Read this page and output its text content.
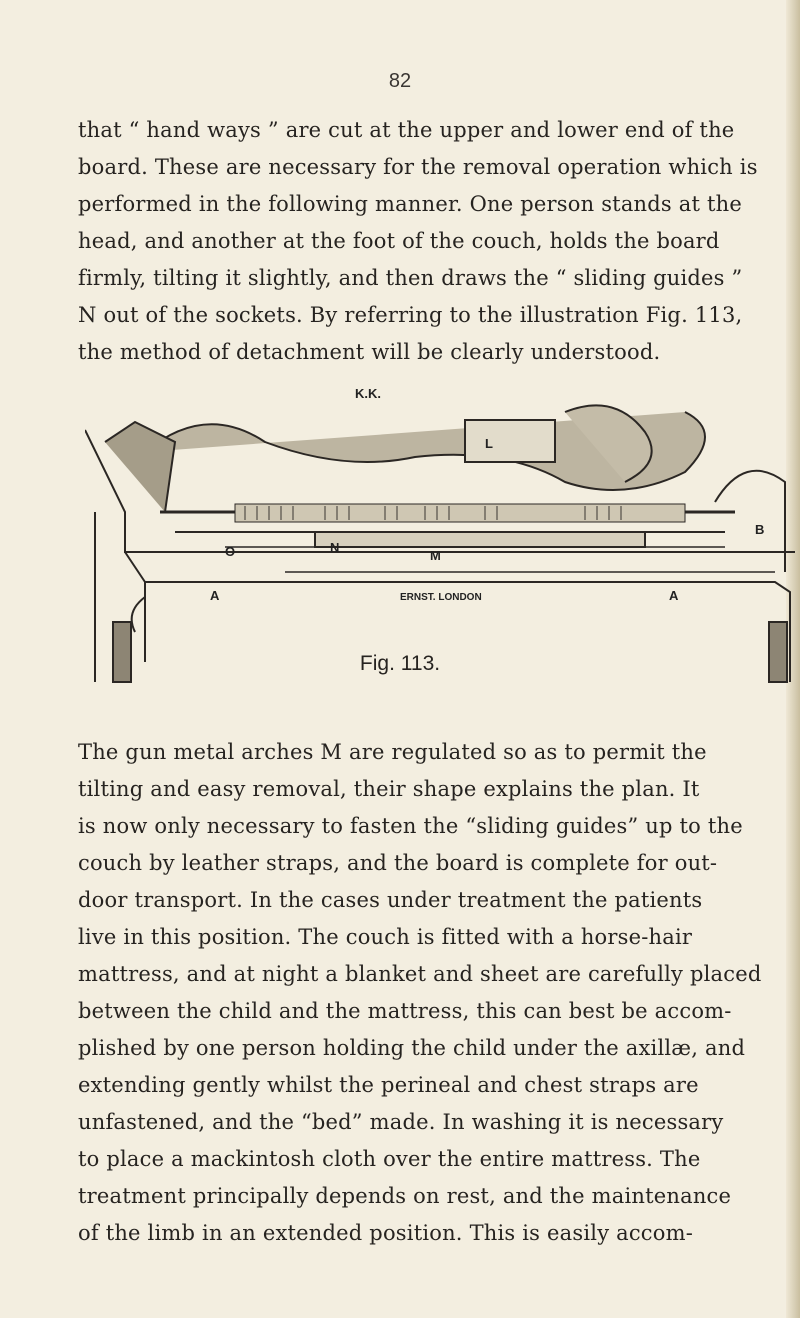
82
that “ hand ways ” are cut at the upper and lower end of the
board. These are necessary for the removal operation which is
performed in the following manner. One person stands at the
head, and another at the foot of the couch, holds the board
firmly, tilting it slightly, and then draws the “ sliding guides ”
N out of the sockets. By referring to the illustration Fig. 113,
the method of detachment will be clearly understood.
K.K.
L
N
M
B
O
A	A
ERNST. LONDON
Fig. 113.
The gun metal arches M are regulated so as to permit the
tilting and easy removal, their shape explains the plan. It
is now only necessary to fasten the “sliding guides” up to the
couch by leather straps, and the board is complete for out-
door transport. In the cases under treatment the patients
live in this position. The couch is fitted with a horse-hair
mattress, and at night a blanket and sheet are carefully placed
between the child and the mattress, this can best be accom-
plished by one person holding the child under the axillæ, and
extending gently whilst the perineal and chest straps are
unfastened, and the “bed” made. In washing it is necessary
to place a mackintosh cloth over the entire mattress. The
treatment principally depends on rest, and the maintenance
of the limb in an extended position. This is easily accom-
